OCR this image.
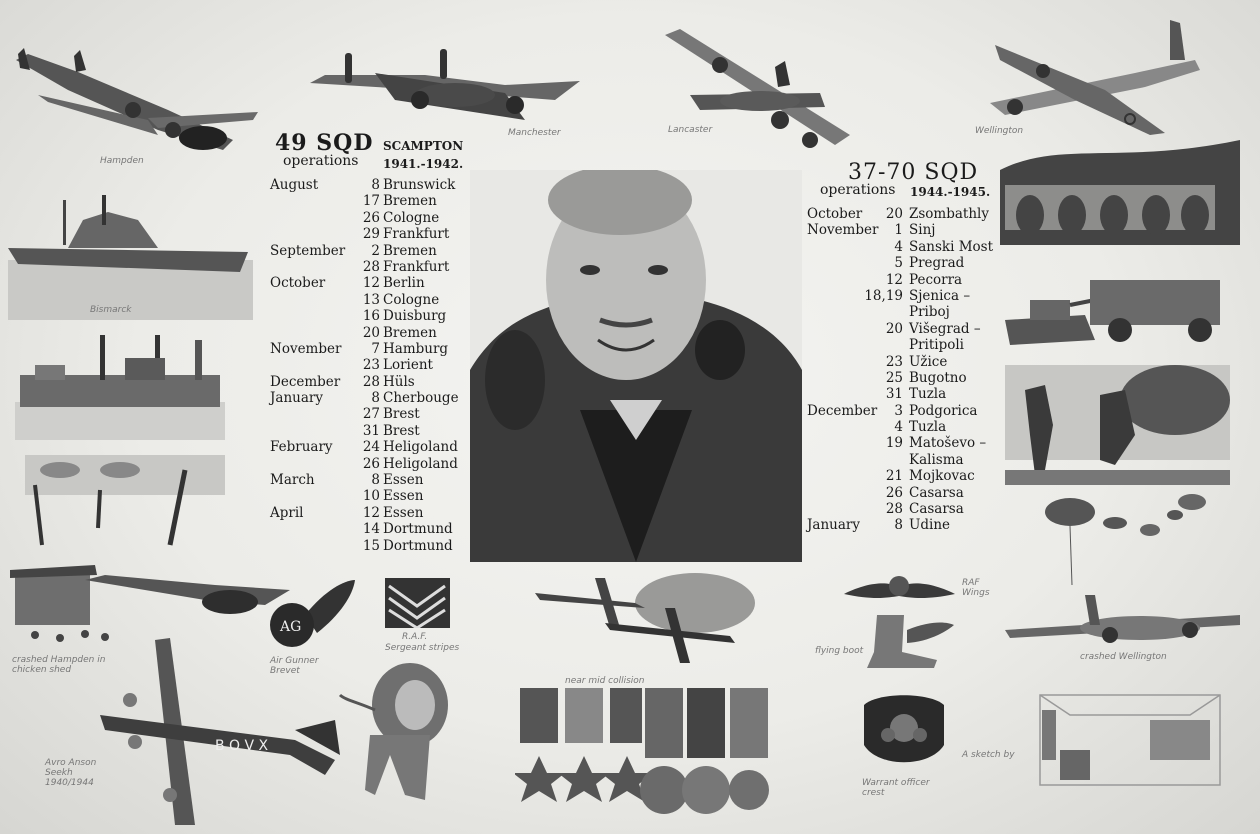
Hampden
Manchester	Lancaster	Wellington
Bismarck
crashed Hampden in chicken shed
AG
Air Gunner Brevet
R.A.F.
Sergeant stripes
B O V X
Avro Anson Seekh 1940/1944
49 SQD SCAMPTON
operations 1941.-1942.
August	8 Brunswick
17 Bremen
26 Cologne
29 Frankfurt
September 2 Bremen
28 Frankfurt
October	12 Berlin
13 Cologne
16 Duisburg
20 Bremen
November 7 Hamburg
23 Lorient
December 28 Hüls
January	8 Cherbouge
27 Brest
31 Brest
February 24 Heligoland
26 Heligoland
March	8 Essen
10 Essen
April	12 Essen
14 Dortmund
15 Dortmund
near mid collision
37-70 SQD
operations 1944.-1945.
October 20 Zsombathly
November 1 Sinj
4 Sanski Most
5 Pregrad
12 Pecorra
18,19 Sjenica –
Priboj
20 Višegrad –
Pritipoli
23 Užice
25 Bugotno
31 Tuzla
December 3 Podgorica
4 Tuzla
19 Matoševo –
Kalisma
21 Mojkovac
26 Casarsa
28 Casarsa
January	8 Udine
RAF Wings
flying boot
Warrant officer crest
crashed Wellington
A sketch by
